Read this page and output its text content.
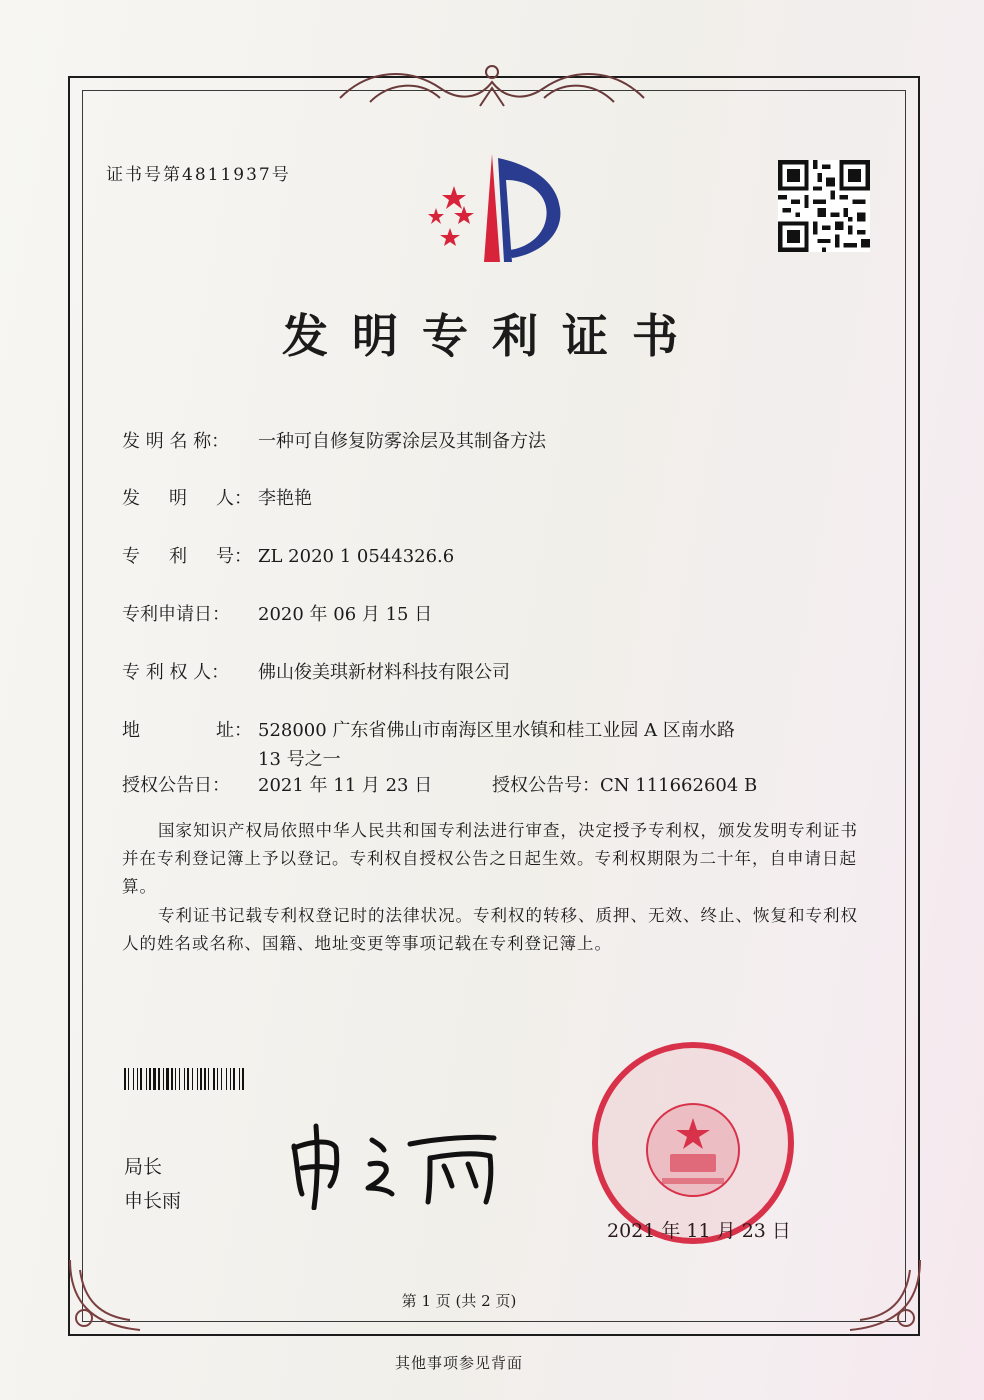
证书号第4811937号
发明专利证书
发 明 名 称： 一种可自修复防雾涂层及其制备方法
发 明 人 ： 李艳艳
专 利 号 ： ZL 2020 1 0544326.6
专利申请日： 2020 年 06 月 15 日
专 利 权 人： 佛山俊美琪新材料科技有限公司
地	址 ： 528000 广东省佛山市南海区里水镇和桂工业园 A 区南水路
13 号之一
授权公告日： 2021 年 11 月 23 日	授权公告号：CN 111662604 B
国家知识产权局依照中华人民共和国专利法进行审查，决定授予专利权，颁发发明专利证书并在专利登记簿上予以登记。专利权自授权公告之日起生效。专利权期限为二十年，自申请日起算。
专利证书记载专利权登记时的法律状况。专利权的转移、质押、无效、终止、恢复和专利权人的姓名或名称、国籍、地址变更等事项记载在专利登记簿上。
局长
申长雨
2021 年 11 月 23 日
第 1 页 (共 2 页)
其他事项参见背面
